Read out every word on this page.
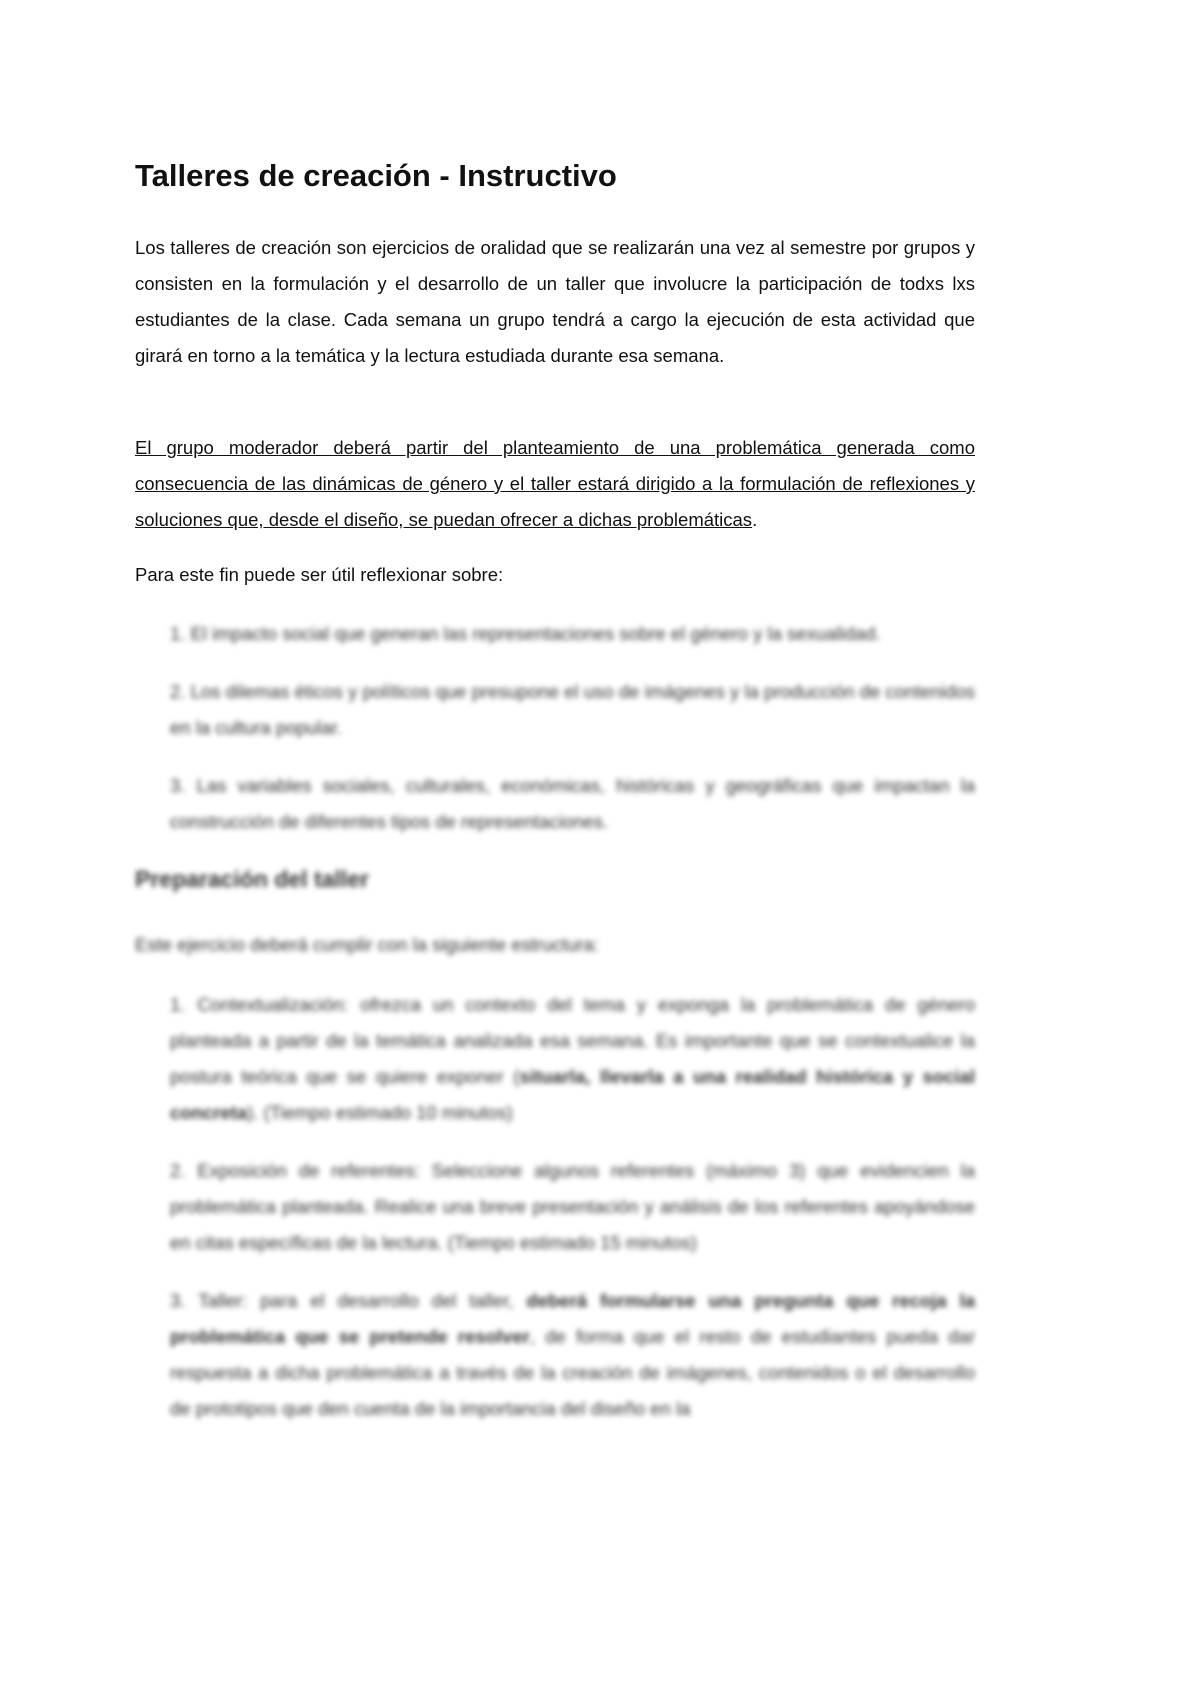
Talleres de creación - Instructivo

Los talleres de creación son ejercicios de oralidad que se realizarán una vez al semestre por grupos y consisten en la formulación y el desarrollo de un taller que involucre la participación de todxs lxs estudiantes de la clase. Cada semana un grupo tendrá a cargo la ejecución de esta actividad que girará en torno a la temática y la lectura estudiada durante esa semana.

El grupo moderador deberá partir del planteamiento de una problemática generada como consecuencia de las dinámicas de género y el taller estará dirigido a la formulación de reflexiones y soluciones que, desde el diseño, se puedan ofrecer a dichas problemáticas.

Para este fin puede ser útil reflexionar sobre:

1. El impacto social que generan las representaciones sobre el género y la sexualidad.

2. Los dilemas éticos y políticos que presupone el uso de imágenes y la producción de contenidos en la cultura popular.

3. Las variables sociales, culturales, económicas, históricas y geográficas que impactan la construcción de diferentes tipos de representaciones.

Preparación del taller

Este ejercicio deberá cumplir con la siguiente estructura:

1. Contextualización: ofrezca un contexto del tema y exponga la problemática de género planteada a partir de la temática analizada esa semana. Es importante que se contextualice la postura teórica que se quiere exponer (situarla, llevarla a una realidad histórica y social concreta). (Tiempo estimado 10 minutos)

2. Exposición de referentes: Seleccione algunos referentes (máximo 3) que evidencien la problemática planteada. Realice una breve presentación y análisis de los referentes apoyándose en citas específicas de la lectura. (Tiempo estimado 15 minutos)

3. Taller: para el desarrollo del taller, deberá formularse una pregunta que recoja la problemática que se pretende resolver, de forma que el resto de estudiantes pueda dar respuesta a dicha problemática a través de la creación de imágenes, contenidos o el desarrollo de prototipos que den cuenta de la importancia del diseño en la
